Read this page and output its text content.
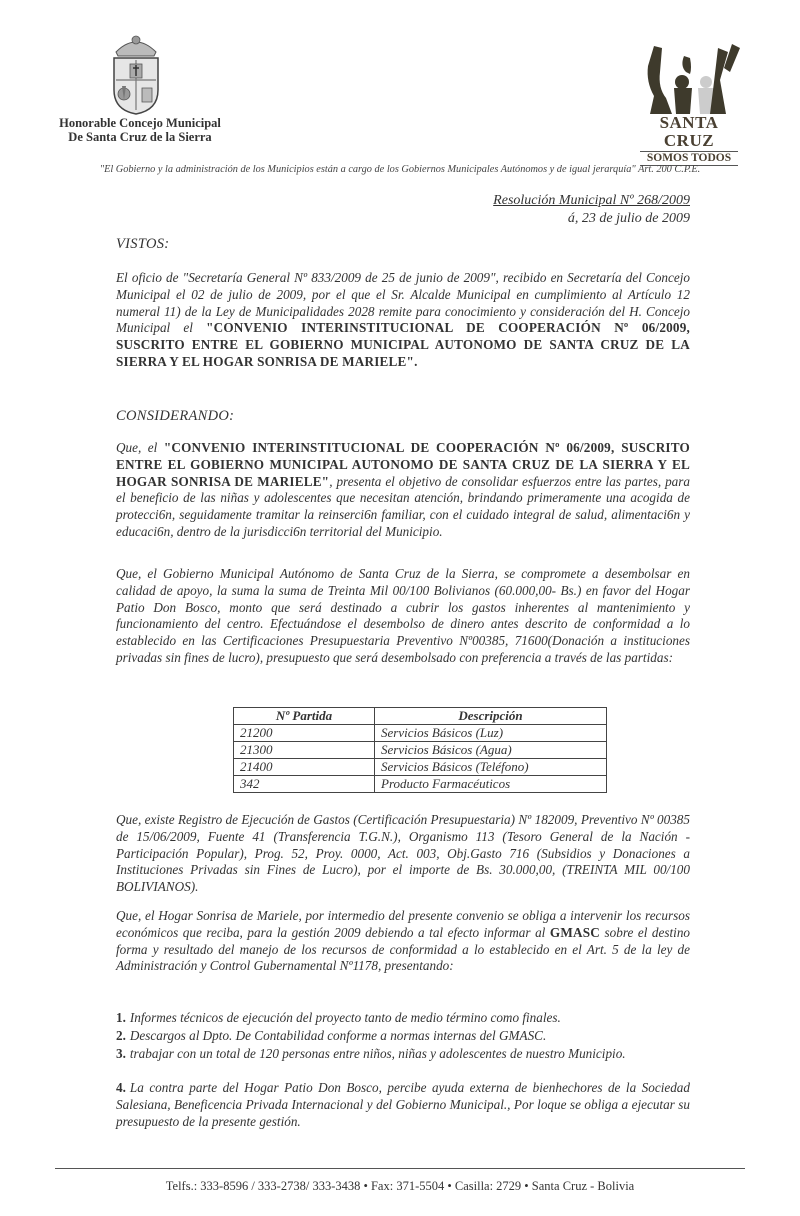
Honorable Concejo Municipal
De Santa Cruz de la Sierra
SANTA CRUZ
SOMOS TODOS
"El Gobierno y la administración de los Municipios están a cargo de los Gobiernos Municipales Autónomos y de igual jerarquía" Art. 200 C.P.E.
Resolución Municipal Nº 268/2009
á, 23 de julio de 2009
VISTOS:
El oficio de "Secretaría General Nº 833/2009 de 25 de junio de 2009", recibido en Secretaría del Concejo Municipal el 02 de julio de 2009, por el que el Sr. Alcalde Municipal en cumplimiento al Artículo 12 numeral 11) de la Ley de Municipalidades 2028 remite para conocimiento y consideración del H. Concejo Municipal el "CONVENIO INTERINSTITUCIONAL DE COOPERACIÓN Nº 06/2009, SUSCRITO ENTRE EL GOBIERNO MUNICIPAL AUTONOMO DE SANTA CRUZ DE LA SIERRA Y EL HOGAR SONRISA DE MARIELE".
CONSIDERANDO:
Que, el "CONVENIO INTERINSTITUCIONAL DE COOPERACIÓN Nº 06/2009, SUSCRITO ENTRE EL GOBIERNO MUNICIPAL AUTONOMO DE SANTA CRUZ DE LA SIERRA Y EL HOGAR SONRISA DE MARIELE", presenta el objetivo de consolidar esfuerzos entre las partes, para el beneficio de las niñas y adolescentes que necesitan atención, brindando primeramente una acogida de protecci6n, seguidamente tramitar la reinserci6n familiar, con el cuidado integral de salud, alimentaci6n y educaci6n, dentro de la jurisdicci6n territorial del Municipio.
Que, el Gobierno Municipal Autónomo de Santa Cruz de la Sierra, se compromete a desembolsar en calidad de apoyo, la suma la suma de Treinta Mil 00/100 Bolivianos (60.000,00- Bs.) en favor del Hogar Patio Don Bosco, monto que será destinado a cubrir los gastos inherentes al mantenimiento y funcionamiento del centro. Efectuándose el desembolso de dinero antes descrito de conformidad a lo establecido en las Certificaciones Presupuestaria Preventivo Nº00385, 71600(Donación a instituciones privadas sin fines de lucro), presupuesto que será desembolsado con preferencia a través de las partidas:
Nº Partida	Descripción
21200	Servicios Básicos (Luz)
21300	Servicios Básicos (Agua)
21400	Servicios Básicos (Teléfono)
342	Producto Farmacéuticos
Que, existe Registro de Ejecución de Gastos (Certificación Presupuestaria) Nº 182009, Preventivo Nº 00385 de 15/06/2009, Fuente 41 (Transferencia T.G.N.), Organismo 113 (Tesoro General de la Nación - Participación Popular), Prog. 52, Proy. 0000, Act. 003, Obj.Gasto 716 (Subsidios y Donaciones a Instituciones Privadas sin Fines de Lucro), por el importe de Bs. 30.000,00, (TREINTA MIL 00/100 BOLIVIANOS).
Que, el Hogar Sonrisa de Mariele, por intermedio del presente convenio se obliga a intervenir los recursos económicos que reciba, para la gestión 2009 debiendo a tal efecto informar al GMASC sobre el destino forma y resultado del manejo de los recursos de conformidad a lo establecido en el Art. 5 de la ley de Administración y Control Gubernamental Nº1178, presentando:
1. Informes técnicos de ejecución del proyecto tanto de medio término como finales.
2. Descargos al Dpto. De Contabilidad conforme a normas internas del GMASC.
3. trabajar con un total de 120 personas entre niños, niñas y adolescentes de nuestro Municipio.
4. La contra parte del Hogar Patio Don Bosco, percibe ayuda externa de bienhechores de la Sociedad Salesiana, Beneficencia Privada Internacional y del Gobierno Municipal., Por loque se obliga a ejecutar su presupuesto de la presente gestión.
Telfs.: 333-8596 / 333-2738/ 333-3438 • Fax: 371-5504 • Casilla: 2729 • Santa Cruz - Bolivia
